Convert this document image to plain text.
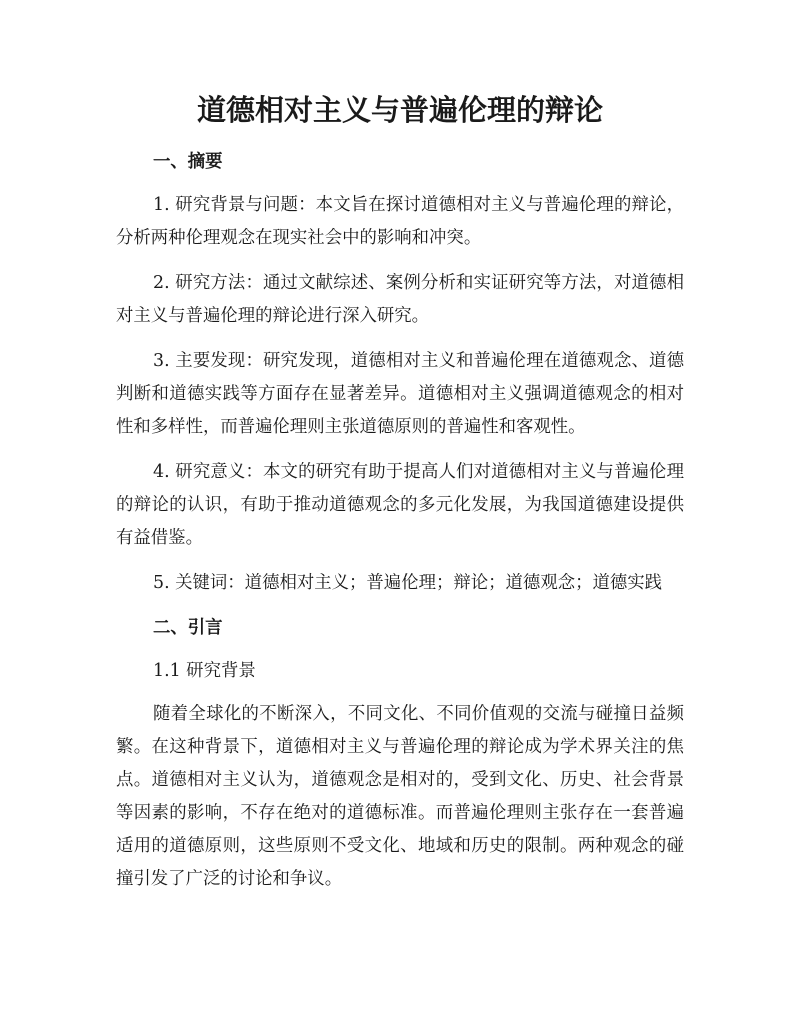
道德相对主义与普遍伦理的辩论
一、摘要

1. 研究背景与问题：本文旨在探讨道德相对主义与普遍伦理的辩论，分析两种伦理观念在现实社会中的影响和冲突。

2. 研究方法：通过文献综述、案例分析和实证研究等方法，对道德相对主义与普遍伦理的辩论进行深入研究。

3. 主要发现：研究发现，道德相对主义和普遍伦理在道德观念、道德判断和道德实践等方面存在显著差异。道德相对主义强调道德观念的相对性和多样性，而普遍伦理则主张道德原则的普遍性和客观性。

4. 研究意义：本文的研究有助于提高人们对道德相对主义与普遍伦理的辩论的认识，有助于推动道德观念的多元化发展，为我国道德建设提供有益借鉴。

5. 关键词：道德相对主义；普遍伦理；辩论；道德观念；道德实践

二、引言
1.1 研究背景

随着全球化的不断深入，不同文化、不同价值观的交流与碰撞日益频繁。在这种背景下，道德相对主义与普遍伦理的辩论成为学术界关注的焦点。道德相对主义认为，道德观念是相对的，受到文化、历史、社会背景等因素的影响，不存在绝对的道德标准。而普遍伦理则主张存在一套普遍适用的道德原则，这些原则不受文化、地域和历史的限制。两种观念的碰撞引发了广泛的讨论和争议。
